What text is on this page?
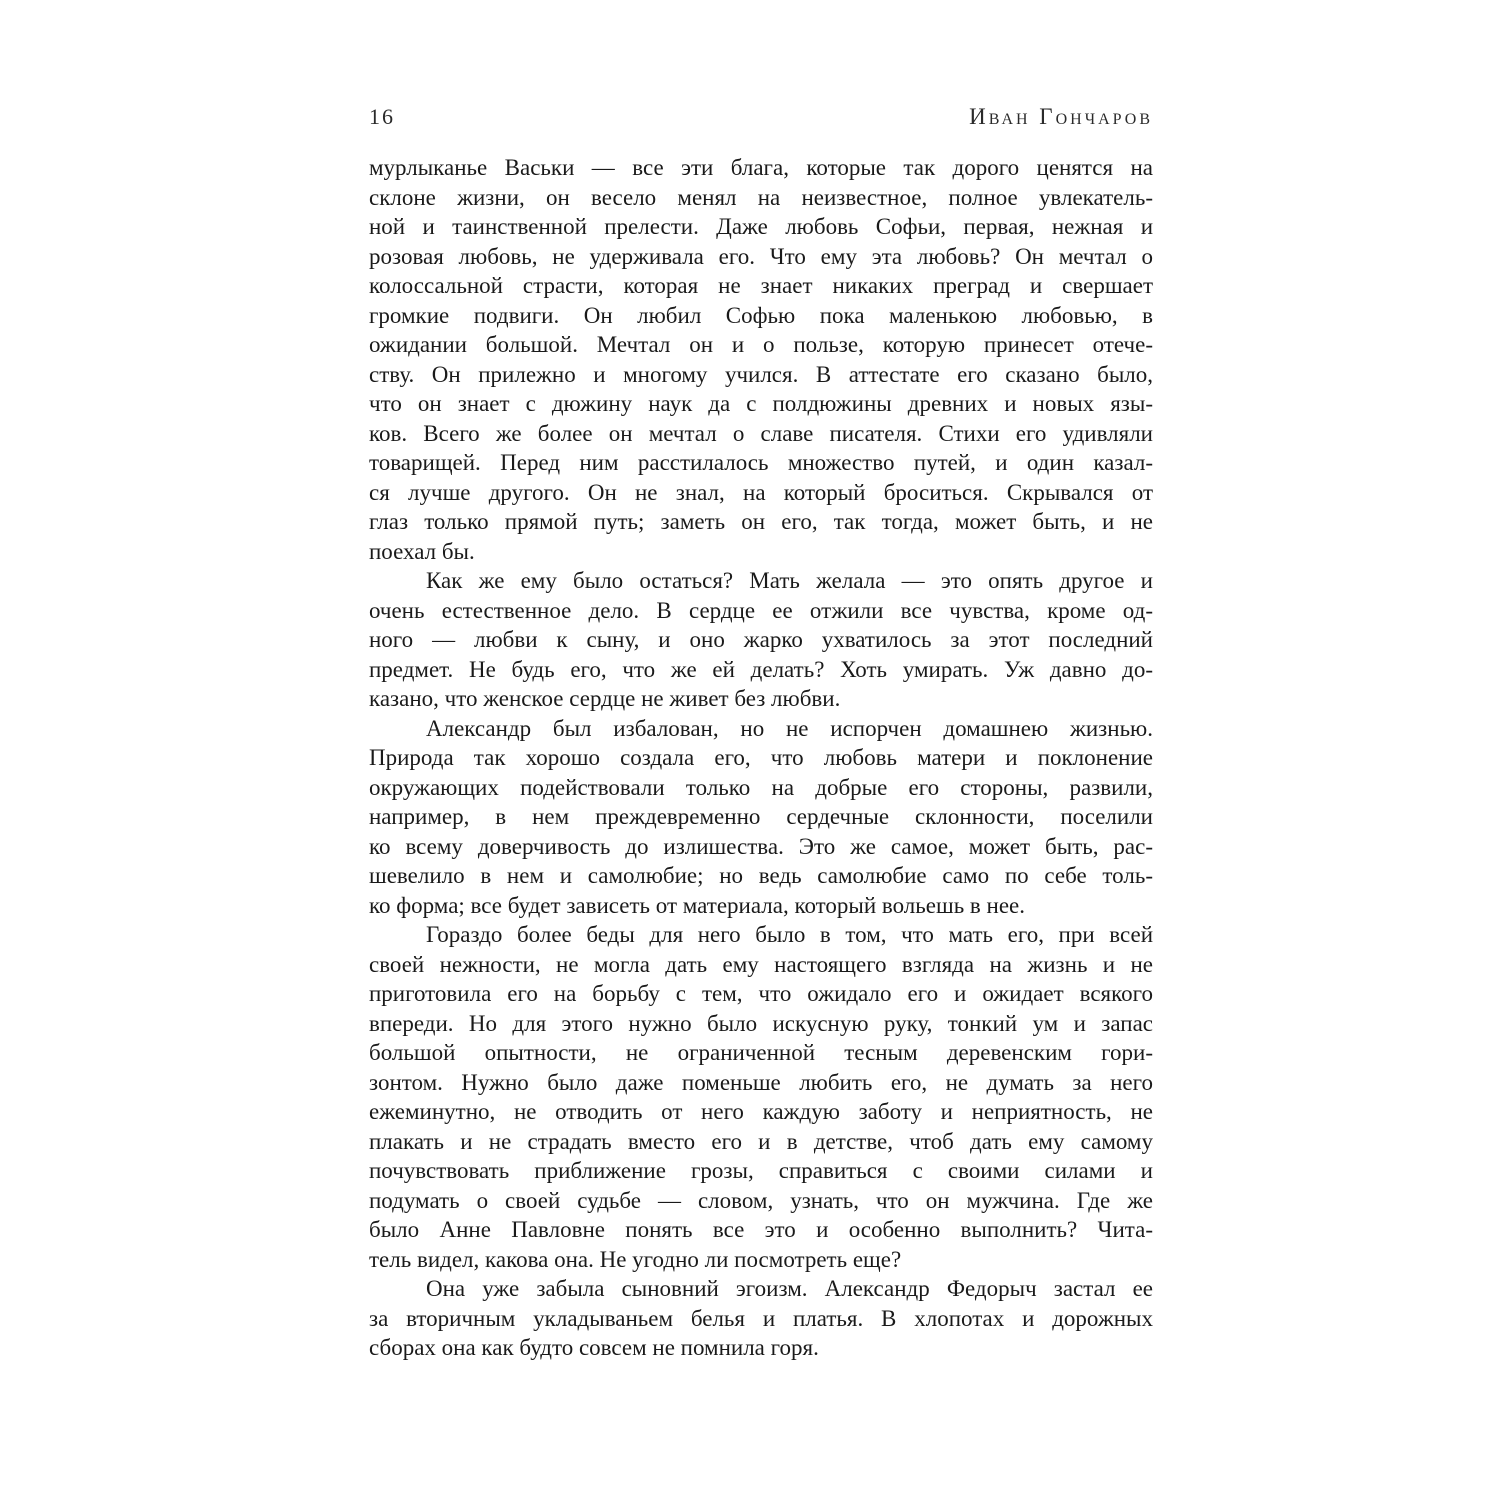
16	Иван Гончаров

мурлыканье Васьки — все эти блага, которые так дорого ценятся на
склоне жизни, он весело менял на неизвестное, полное увлекатель-
ной и таинственной прелести. Даже любовь Софьи, первая, нежная и
розовая любовь, не удерживала его. Что ему эта любовь? Он мечтал о
колоссальной страсти, которая не знает никаких преград и свершает
громкие подвиги. Он любил Софью пока маленькою любовью, в
ожидании большой. Мечтал он и о пользе, которую принесет отече-
ству. Он прилежно и многому учился. В аттестате его сказано было,
что он знает с дюжину наук да с полдюжины древних и новых язы-
ков. Всего же более он мечтал о славе писателя. Стихи его удивляли
товарищей. Перед ним расстилалось множество путей, и один казал-
ся лучше другого. Он не знал, на который броситься. Скрывался от
глаз только прямой путь; заметь он его, так тогда, может быть, и не
поехал бы.

Как же ему было остаться? Мать желала — это опять другое и
очень естественное дело. В сердце ее отжили все чувства, кроме од-
ного — любви к сыну, и оно жарко ухватилось за этот последний
предмет. Не будь его, что же ей делать? Хоть умирать. Уж давно до-
казано, что женское сердце не живет без любви.

Александр был избалован, но не испорчен домашнею жизнью.
Природа так хорошо создала его, что любовь матери и поклонение
окружающих подействовали только на добрые его стороны, развили,
например, в нем преждевременно сердечные склонности, поселили
ко всему доверчивость до излишества. Это же самое, может быть, рас-
шевелило в нем и самолюбие; но ведь самолюбие само по себе толь-
ко форма; все будет зависеть от материала, который вольешь в нее.

Гораздо более беды для него было в том, что мать его, при всей
своей нежности, не могла дать ему настоящего взгляда на жизнь и не
приготовила его на борьбу с тем, что ожидало его и ожидает всякого
впереди. Но для этого нужно было искусную руку, тонкий ум и запас
большой опытности, не ограниченной тесным деревенским гори-
зонтом. Нужно было даже поменьше любить его, не думать за него
ежеминутно, не отводить от него каждую заботу и неприятность, не
плакать и не страдать вместо его и в детстве, чтоб дать ему самому
почувствовать приближение грозы, справиться с своими силами и
подумать о своей судьбе — словом, узнать, что он мужчина. Где же
было Анне Павловне понять все это и особенно выполнить? Чита-
тель видел, какова она. Не угодно ли посмотреть еще?

Она уже забыла сыновний эгоизм. Александр Федорыч застал ее
за вторичным укладываньем белья и платья. В хлопотах и дорожных
сборах она как будто совсем не помнила горя.
